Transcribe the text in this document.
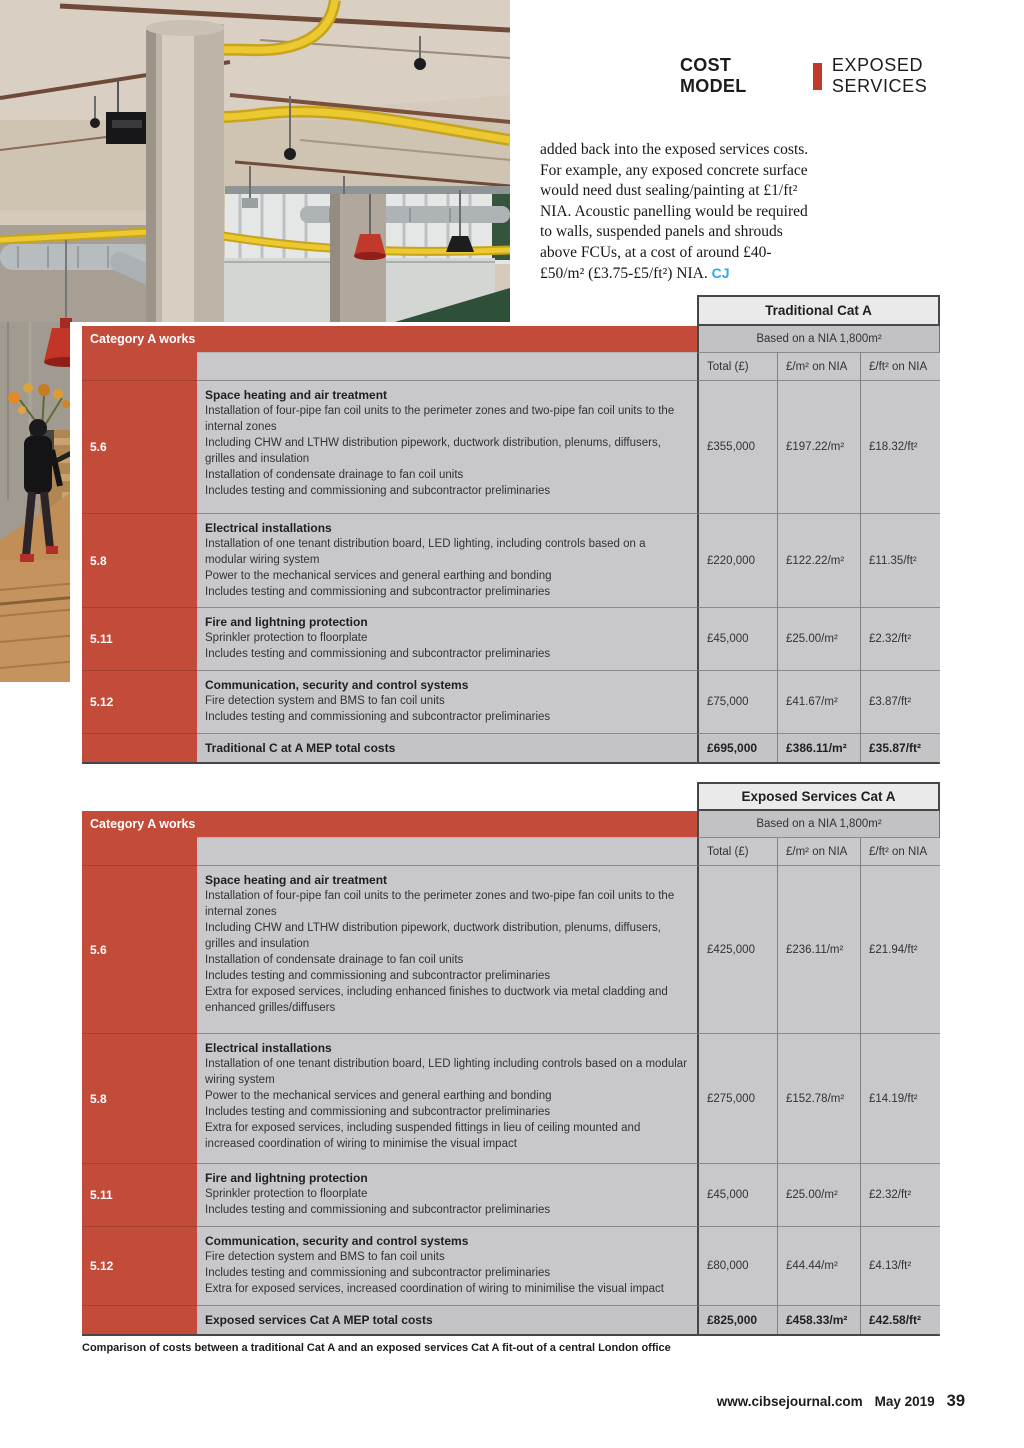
COST MODEL
EXPOSED SERVICES
added back into the exposed services costs. For example, any exposed concrete surface would need dust sealing/painting at £1/ft² NIA. Acoustic panelling would be required to walls, suspended panels and shrouds above FCUs, at a cost of around £40-£50/m² (£3.75-£5/ft²) NIA. CJ
Traditional Cat A
Category A works	Based on a NIA 1,800m²
Total (£)	£/m² on NIA	£/ft² on NIA
5.6
Space heating and air treatment
Installation of four-pipe fan coil units to the perimeter zones and two-pipe fan coil units to the internal zones
Including CHW and LTHW distribution pipework, ductwork distribution, plenums, diffusers, grilles and insulation
Installation of condensate drainage to fan coil units
Includes testing and commissioning and subcontractor preliminaries
£355,000	£197.22/m²	£18.32/ft²
5.8
Electrical installations
Installation of one tenant distribution board, LED lighting, including controls based on a modular wiring system
Power to the mechanical services and general earthing and bonding
Includes testing and commissioning and subcontractor preliminaries
£220,000	£122.22/m²	£11.35/ft²
5.11
Fire and lightning protection
Sprinkler protection to floorplate
Includes testing and commissioning and subcontractor preliminaries
£45,000	£25.00/m²	£2.32/ft²
5.12
Communication, security and control systems
Fire detection system and BMS to fan coil units
Includes testing and commissioning and subcontractor preliminaries
£75,000	£41.67/m²	£3.87/ft²
Traditional C at A MEP total costs	£695,000	£386.11/m²	£35.87/ft²
Exposed Services Cat A
Category A works	Based on a NIA 1,800m²
Total (£)	£/m² on NIA	£/ft² on NIA
5.6
Space heating and air treatment
Installation of four-pipe fan coil units to the perimeter zones and two-pipe fan coil units to the internal zones
Including CHW and LTHW distribution pipework, ductwork distribution, plenums, diffusers, grilles and insulation
Installation of condensate drainage to fan coil units
Includes testing and commissioning and subcontractor preliminaries
Extra for exposed services, including enhanced finishes to ductwork via metal cladding and enhanced grilles/diffusers
£425,000	£236.11/m²	£21.94/ft²
5.8
Electrical installations
Installation of one tenant distribution board, LED lighting including controls based on a modular wiring system
Power to the mechanical services and general earthing and bonding
Includes testing and commissioning and subcontractor preliminaries
Extra for exposed services, including suspended fittings in lieu of ceiling mounted and increased coordination of wiring to minimise the visual impact
£275,000	£152.78/m²	£14.19/ft²
5.11
Fire and lightning protection
Sprinkler protection to floorplate
Includes testing and commissioning and subcontractor preliminaries
£45,000	£25.00/m²	£2.32/ft²
5.12
Communication, security and control systems
Fire detection system and BMS to fan coil units
Includes testing and commissioning and subcontractor preliminaries
Extra for exposed services, increased coordination of wiring to minimilise the visual impact
£80,000	£44.44/m²	£4.13/ft²
Exposed services Cat A MEP total costs	£825,000	£458.33/m²	£42.58/ft²
Comparison of costs between a traditional Cat A and an exposed services Cat A fit-out of a central London office
www.cibsejournal.com May 2019 39
